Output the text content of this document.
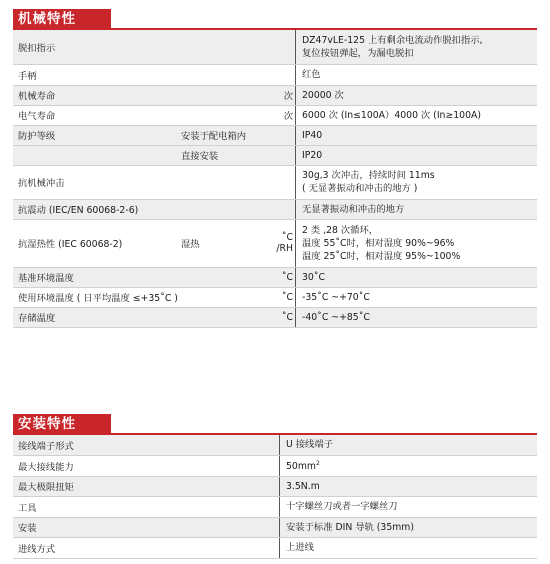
机械特性
脱扣指示			DZ47vLE-125 上有剩余电流动作脱扣指示,
复位按钮弹起，为漏电脱扣

手柄			红色
机械寿命		次	20000 次
电气寿命		次	6000 次 (In≤100A）4000 次 (In≥100A)
防护等级	安装于配电箱内		IP40
	直接安装		IP20
抗机械冲击			30g,3 次冲击，持续时间 11ms
( 无显著振动和冲击的地方 )

抗震动 (IEC/EN 60068-2-6)			无显著振动和冲击的地方
抗湿热性 (IEC 60068-2)	湿热	˚C /RH	2 类 ,28 次循环，
温度 55˚C时，相对湿度 90%~96%
温度 25˚C时，相对湿度 95%~100%

基准环境温度		˚C	30˚C
使用环境温度 ( 日平均温度 ≤+35˚C )		˚C	-35˚C ~+70˚C
存储温度		˚C	-40˚C ~+85˚C
安装特性
接线端子形式	U 接线端子
最大接线能力	$50mm^2$
最大极限扭矩	3.5N.m
工具	十字螺丝刀或者一字螺丝刀
安装	安装于标准 DIN 导轨 (35mm)
进线方式	上进线
